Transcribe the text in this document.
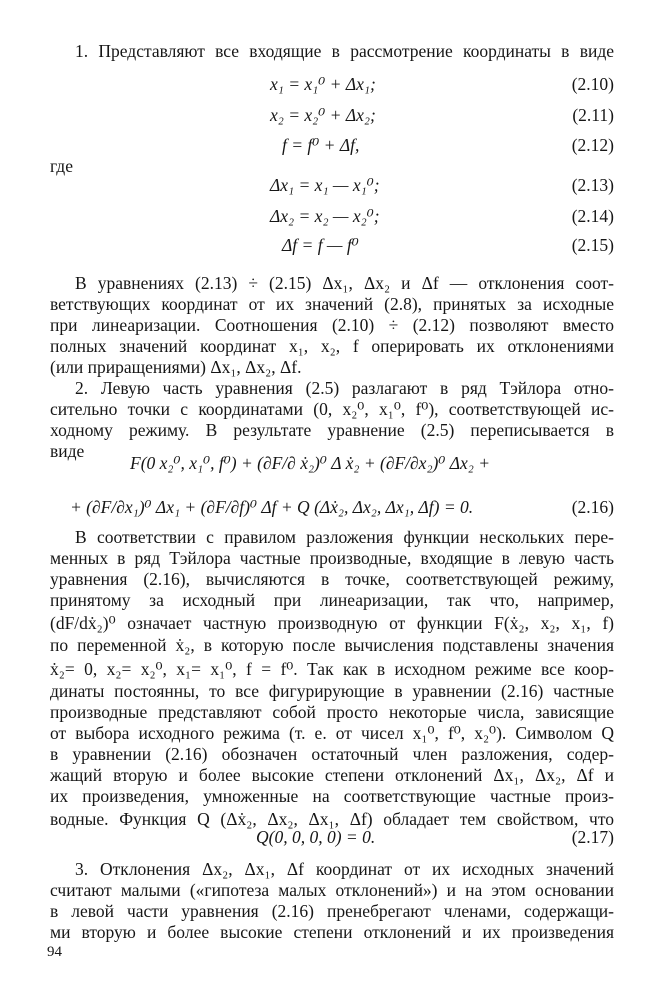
1. Представляют все входящие в рассмотрение координаты в виде
x₁ = x₁⁰ + Δx₁;	(2.10)
x₂ = x₂⁰ + Δx₂;	(2.11)
f = f⁰ + Δf,	(2.12)
где
Δx₁ = x₁ — x₁⁰;	(2.13)
Δx₂ = x₂ — x₂⁰;	(2.14)
Δf = f — f⁰	(2.15)
В уравнениях (2.13) ÷ (2.15) Δx₁, Δx₂ и Δf — отклонения соот-
ветствующих координат от их значений (2.8), принятых за исходные
при линеаризации. Соотношения (2.10) ÷ (2.12) позволяют вместо
полных значений координат x₁, x₂, f оперировать их отклонениями
(или приращениями) Δx₁, Δx₂, Δf.
2. Левую часть уравнения (2.5) разлагают в ряд Тэйлора отно-
сительно точки с координатами (0, x₂⁰, x₁⁰, f⁰), соответствующей ис-
ходному режиму. В результате уравнение (2.5) переписывается в
виде
F(0 x₂⁰, x₁⁰, f⁰) + (∂F/∂ ẋ₂)⁰ Δ ẋ₂ + (∂F/∂x₂)⁰ Δx₂ +
+ (∂F/∂x₁)⁰ Δx₁ + (∂F/∂f)⁰ Δf + Q (Δẋ₂, Δx₂, Δx₁, Δf) = 0.	(2.16)
В соответствии с правилом разложения функции нескольких пере-
менных в ряд Тэйлора частные производные, входящие в левую часть
уравнения (2.16), вычисляются в точке, соответствующей режиму,
принятому за исходный при линеаризации, так что, например,
(dF/dẋ₂)⁰ означает частную производную от функции F(ẋ₂, x₂, x₁, f)
по переменной ẋ₂, в которую после вычисления подставлены значения
ẋ₂= 0, x₂= x₂⁰, x₁= x₁⁰, f = f⁰. Так как в исходном режиме все коор-
динаты постоянны, то все фигурирующие в уравнении (2.16) частные
производные представляют собой просто некоторые числа, зависящие
от выбора исходного режима (т. е. от чисел x₁⁰, f⁰, x₂⁰). Символом Q
в уравнении (2.16) обозначен остаточный член разложения, содер-
жащий вторую и более высокие степени отклонений Δx₁, Δx₂, Δf и
их произведения, умноженные на соответствующие частные произ-
водные. Функция Q (Δẋ₂, Δx₂, Δx₁, Δf) обладает тем свойством, что
Q(0, 0, 0, 0) = 0.	(2.17)
3. Отклонения Δx₂, Δx₁, Δf координат от их исходных значений
считают малыми («гипотеза малых отклонений») и на этом основании
в левой части уравнения (2.16) пренебрегают членами, содержащи-
ми вторую и более высокие степени отклонений и их произведения
94
